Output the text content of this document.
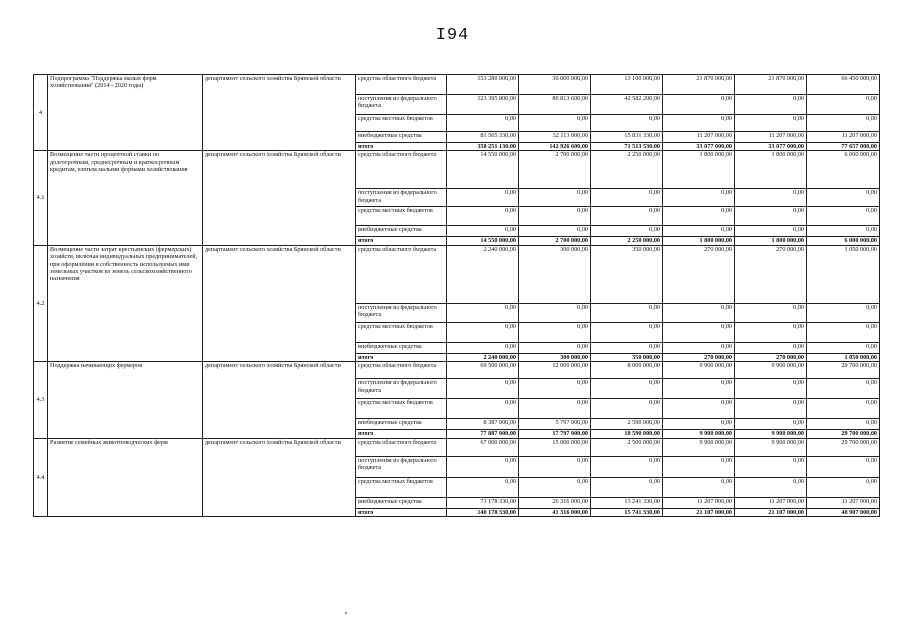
I94
4	Подпрограмма "Поддержка малых форм хозяйствования" (2014 - 2020 годы)	департамент сельского хозяйства Брянской области	средства областного бюджета	153 280 000,00	30 000 000,00	13 100 000,00	21 870 000,00	21 870 000,00	66 450 000,00
			поступления из федерального бюджета	123 395 800,00	80 813 600,00	42 582 200,00	0,00	0,00	0,00
			средства местных бюджетов	0,00	0,00	0,00	0,00	0,00	0,00
			внебюджетные средства	81 565 330,00	32 113 000,00	15 831 330,00	11 207 000,00	11 207 000,00	11 207 000,00
			итого	358 251 130,00	142 926 600,00	71 513 530,00	33 077 000,00	33 077 000,00	77 657 000,00
4.1	Возмещение части процентной ставки по долгосрочным, среднесрочным и краткосрочным кредитам, взятым малыми формами хозяйствования	департамент сельского хозяйства Брянской области	средства областного бюджета	14 550 000,00	2 700 000,00	2 250 000,00	1 800 000,00	1 800 000,00	6 000 000,00
			поступления из федерального бюджета	0,00	0,00	0,00	0,00	0,00	0,00
			средства местных бюджетов	0,00	0,00	0,00	0,00	0,00	0,00
			внебюджетные средства	0,00	0,00	0,00	0,00	0,00	0,00
			итого	14 550 000,00	2 700 000,00	2 250 000,00	1 800 000,00	1 800 000,00	6 000 000,00
4.2	Возмещение части затрат крестьянских (фермерских) хозяйств, включая индивидуальных предпринимателей, при оформлении в собственность используемых ими земельных участков из земель сельскохозяйственного назначения	департамент сельского хозяйства Брянской области	средства областного бюджета	2 240 000,00	300 000,00	350 000,00	270 000,00	270 000,00	1 050 000,00
			поступления из федерального бюджета	0,00	0,00	0,00	0,00	0,00	0,00
			средства местных бюджетов	0,00	0,00	0,00	0,00	0,00	0,00
			внебюджетные средства	0,00	0,00	0,00	0,00	0,00	0,00
			итого	2 240 000,00	300 000,00	350 000,00	270 000,00	270 000,00	1 050 000,00
4.3	Поддержка начинающих фермеров	департамент сельского хозяйства Брянской области	средства областного бюджета	69 500 000,00	12 000 000,00	8 000 000,00	9 900 000,00	9 900 000,00	29 700 000,00
			поступления из федерального бюджета	0,00	0,00	0,00	0,00	0,00	0,00
			средства местных бюджетов	0,00	0,00	0,00	0,00	0,00	0,00
			внебюджетные средства	8 387 000,00	5 797 000,00	2 590 000,00	0,00	0,00	0,00
			итого	77 887 000,00	17 797 000,00	10 590 000,00	9 900 000,00	9 900 000,00	29 700 000,00
4.4	Развитие семейных животноводческих ферм	департамент сельского хозяйства Брянской области	средства областного бюджета	67 000 000,00	15 000 000,00	2 500 000,00	9 900 000,00	9 900 000,00	29 700 000,00
			поступления из федерального бюджета	0,00	0,00	0,00	0,00	0,00	0,00
			средства местных бюджетов	0,00	0,00	0,00	0,00	0,00	0,00
			внебюджетные средства	73 178 330,00	26 316 000,00	13 241 330,00	11 207 000,00	11 207 000,00	11 207 000,00
			итого	140 178 330,00	41 316 000,00	15 741 330,00	21 107 000,00	21 107 000,00	40 907 000,00
